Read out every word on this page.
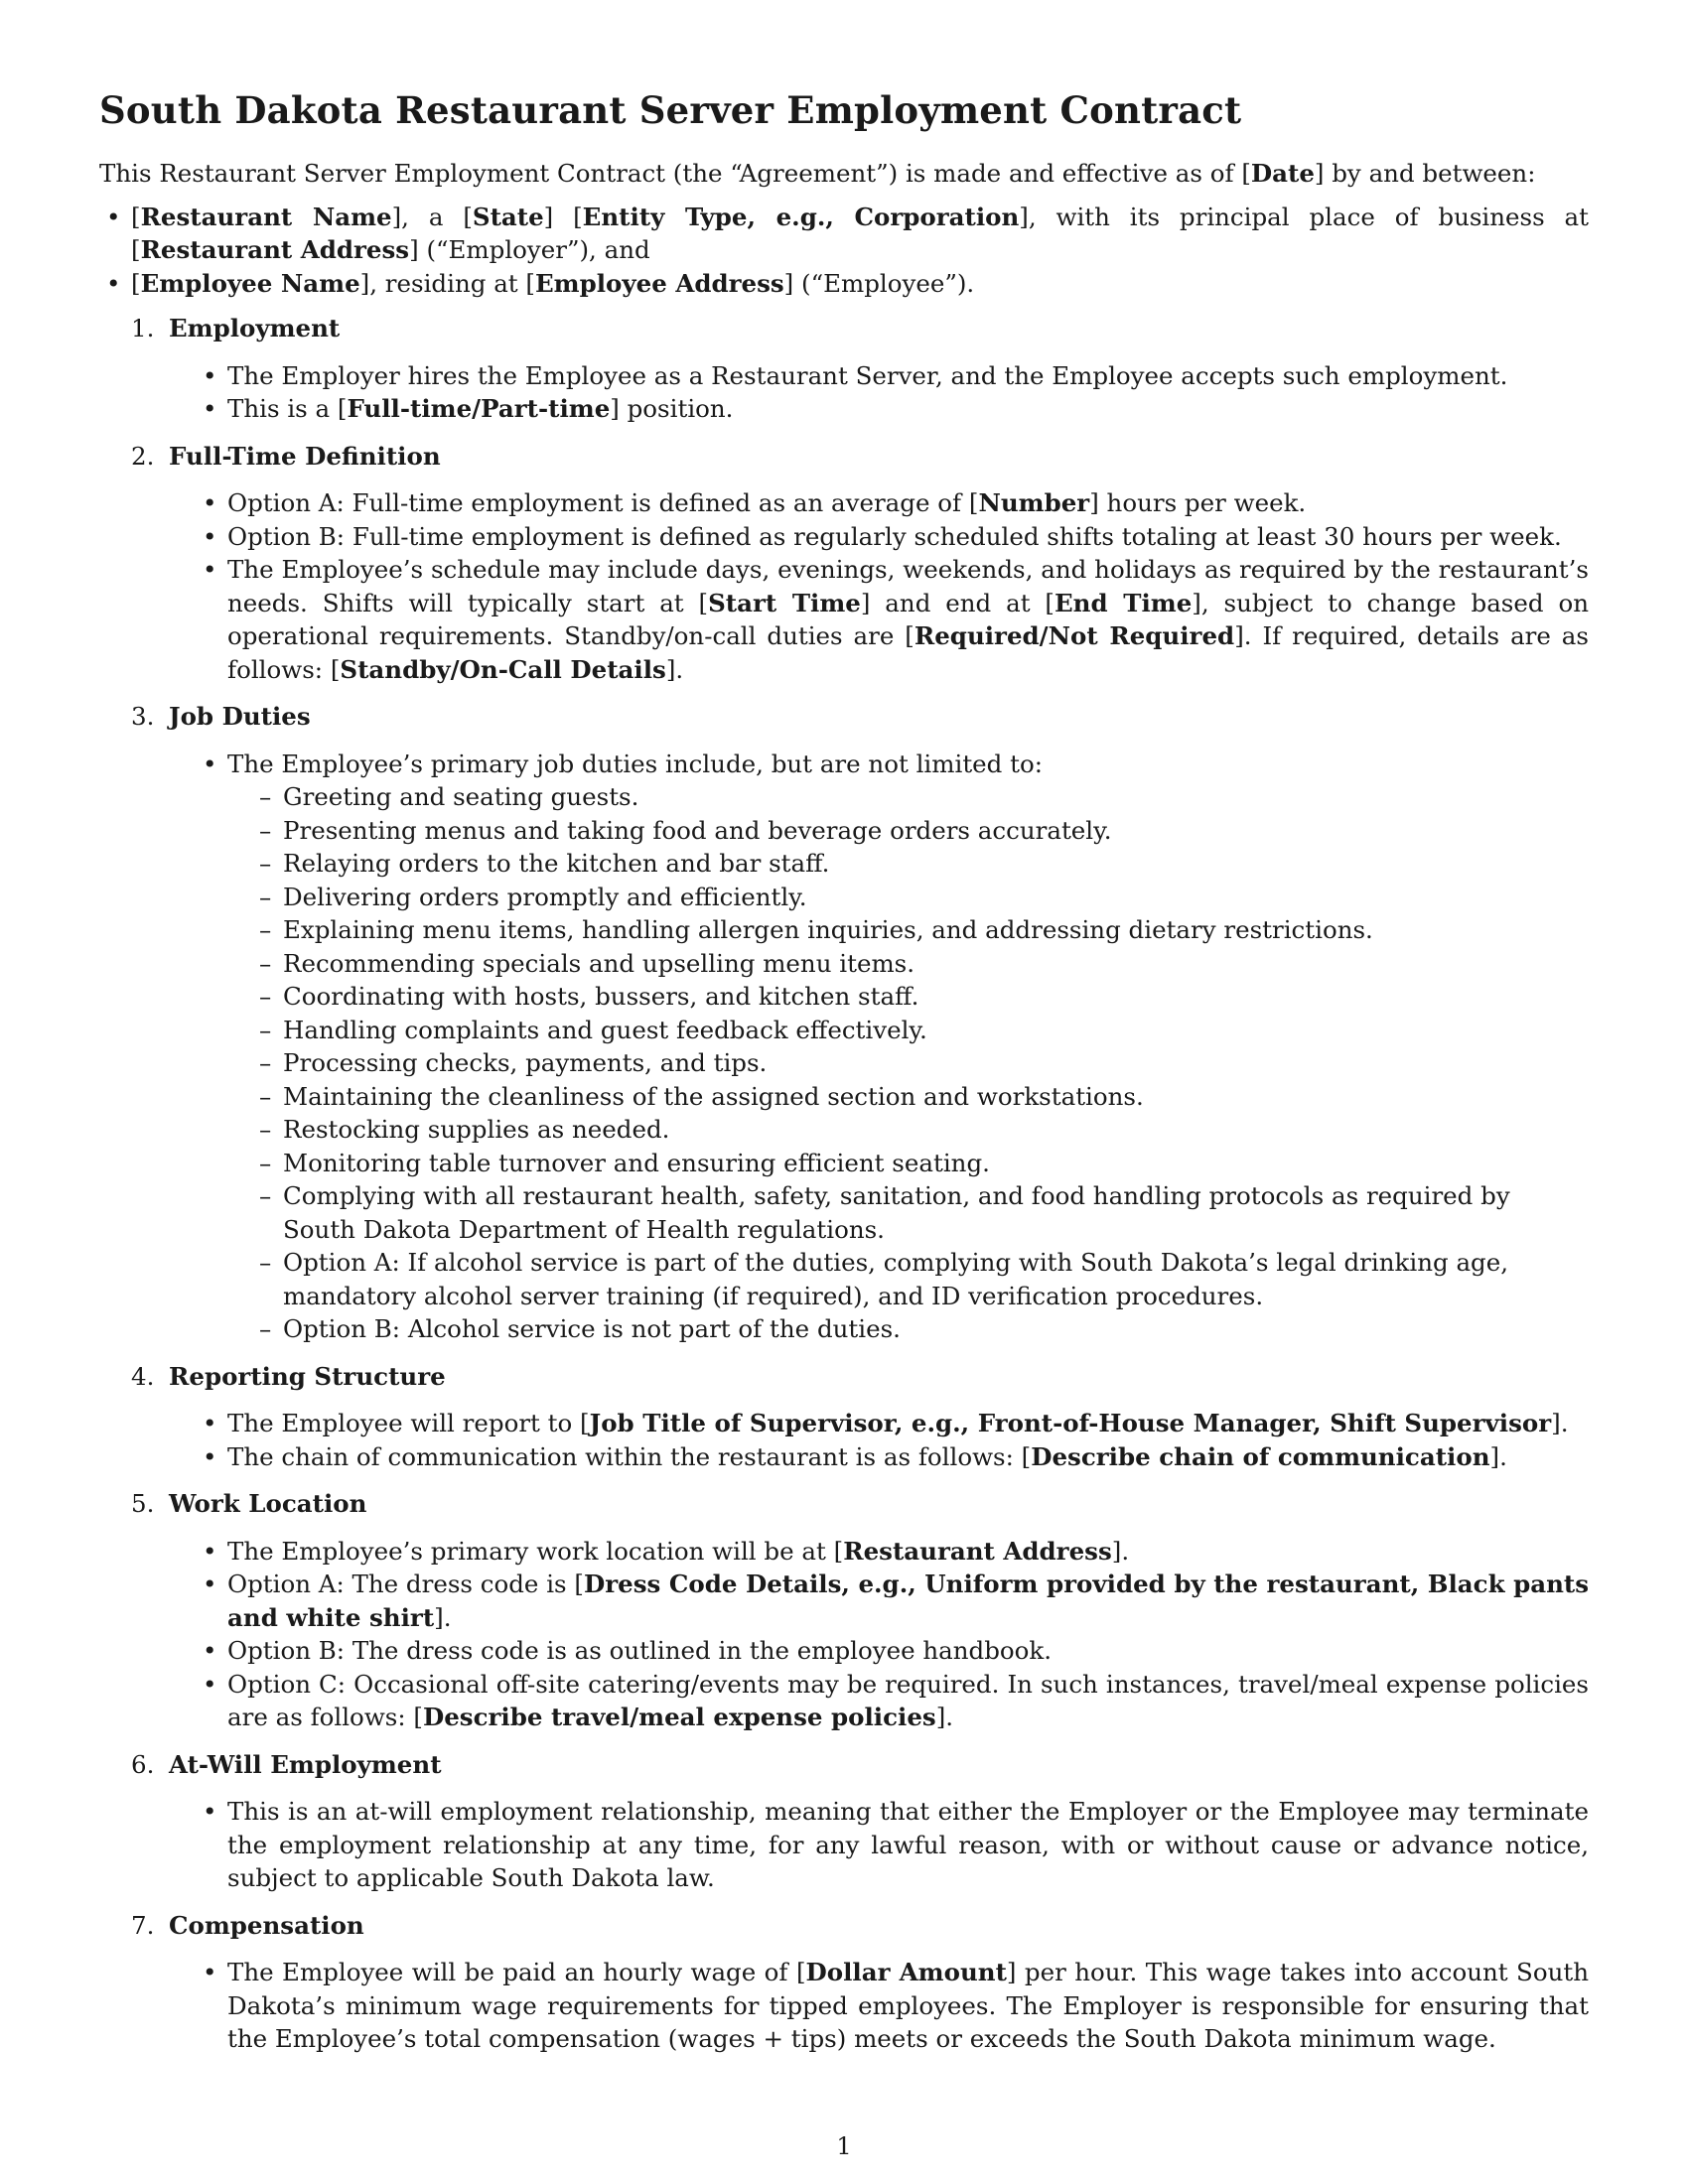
South Dakota Restaurant Server Employment Contract

This Restaurant Server Employment Contract (the “Agreement”) is made and effective as of [Date] by and between:

• [Restaurant Name], a [State] [Entity Type, e.g., Corporation], with its principal place of business at [Restaurant Address] (“Employer”), and
• [Employee Name], residing at [Employee Address] (“Employee”).
1. Employment
• The Employer hires the Employee as a Restaurant Server, and the Employee accepts such employment.
• This is a [Full-time/Part-time] position.
2. Full-Time Definition
• Option A: Full-time employment is defined as an average of [Number] hours per week.
• Option B: Full-time employment is defined as regularly scheduled shifts totaling at least 30 hours per week.
• The Employee’s schedule may include days, evenings, weekends, and holidays as required by the restaurant’s needs. Shifts will typically start at [Start Time] and end at [End Time], subject to change based on operational requirements. Standby/on-call duties are [Required/Not Required]. If required, details are as follows: [Standby/On-Call Details].
3. Job Duties
• The Employee’s primary job duties include, but are not limited to:
– Greeting and seating guests.
– Presenting menus and taking food and beverage orders accurately.
– Relaying orders to the kitchen and bar staff.
– Delivering orders promptly and efficiently.
– Explaining menu items, handling allergen inquiries, and addressing dietary restrictions.
– Recommending specials and upselling menu items.
– Coordinating with hosts, bussers, and kitchen staff.
– Handling complaints and guest feedback effectively.
– Processing checks, payments, and tips.
– Maintaining the cleanliness of the assigned section and workstations.
– Restocking supplies as needed.
– Monitoring table turnover and ensuring efficient seating.
– Complying with all restaurant health, safety, sanitation, and food handling protocols as required by South Dakota Department of Health regulations.
– Option A: If alcohol service is part of the duties, complying with South Dakota’s legal drinking age, mandatory alcohol server training (if required), and ID verification procedures.
– Option B: Alcohol service is not part of the duties.
4. Reporting Structure
• The Employee will report to [Job Title of Supervisor, e.g., Front-of-House Manager, Shift Supervisor].
• The chain of communication within the restaurant is as follows: [Describe chain of communication].
5. Work Location
• The Employee’s primary work location will be at [Restaurant Address].
• Option A: The dress code is [Dress Code Details, e.g., Uniform provided by the restaurant, Black pants and white shirt].
• Option B: The dress code is as outlined in the employee handbook.
• Option C: Occasional off-site catering/events may be required. In such instances, travel/meal expense policies are as follows: [Describe travel/meal expense policies].
6. At-Will Employment
• This is an at-will employment relationship, meaning that either the Employer or the Employee may terminate the employment relationship at any time, for any lawful reason, with or without cause or advance notice, subject to applicable South Dakota law.
7. Compensation
• The Employee will be paid an hourly wage of [Dollar Amount] per hour. This wage takes into account South Dakota’s minimum wage requirements for tipped employees. The Employer is responsible for ensuring that the Employee’s total compensation (wages + tips) meets or exceeds the South Dakota minimum wage.
1
